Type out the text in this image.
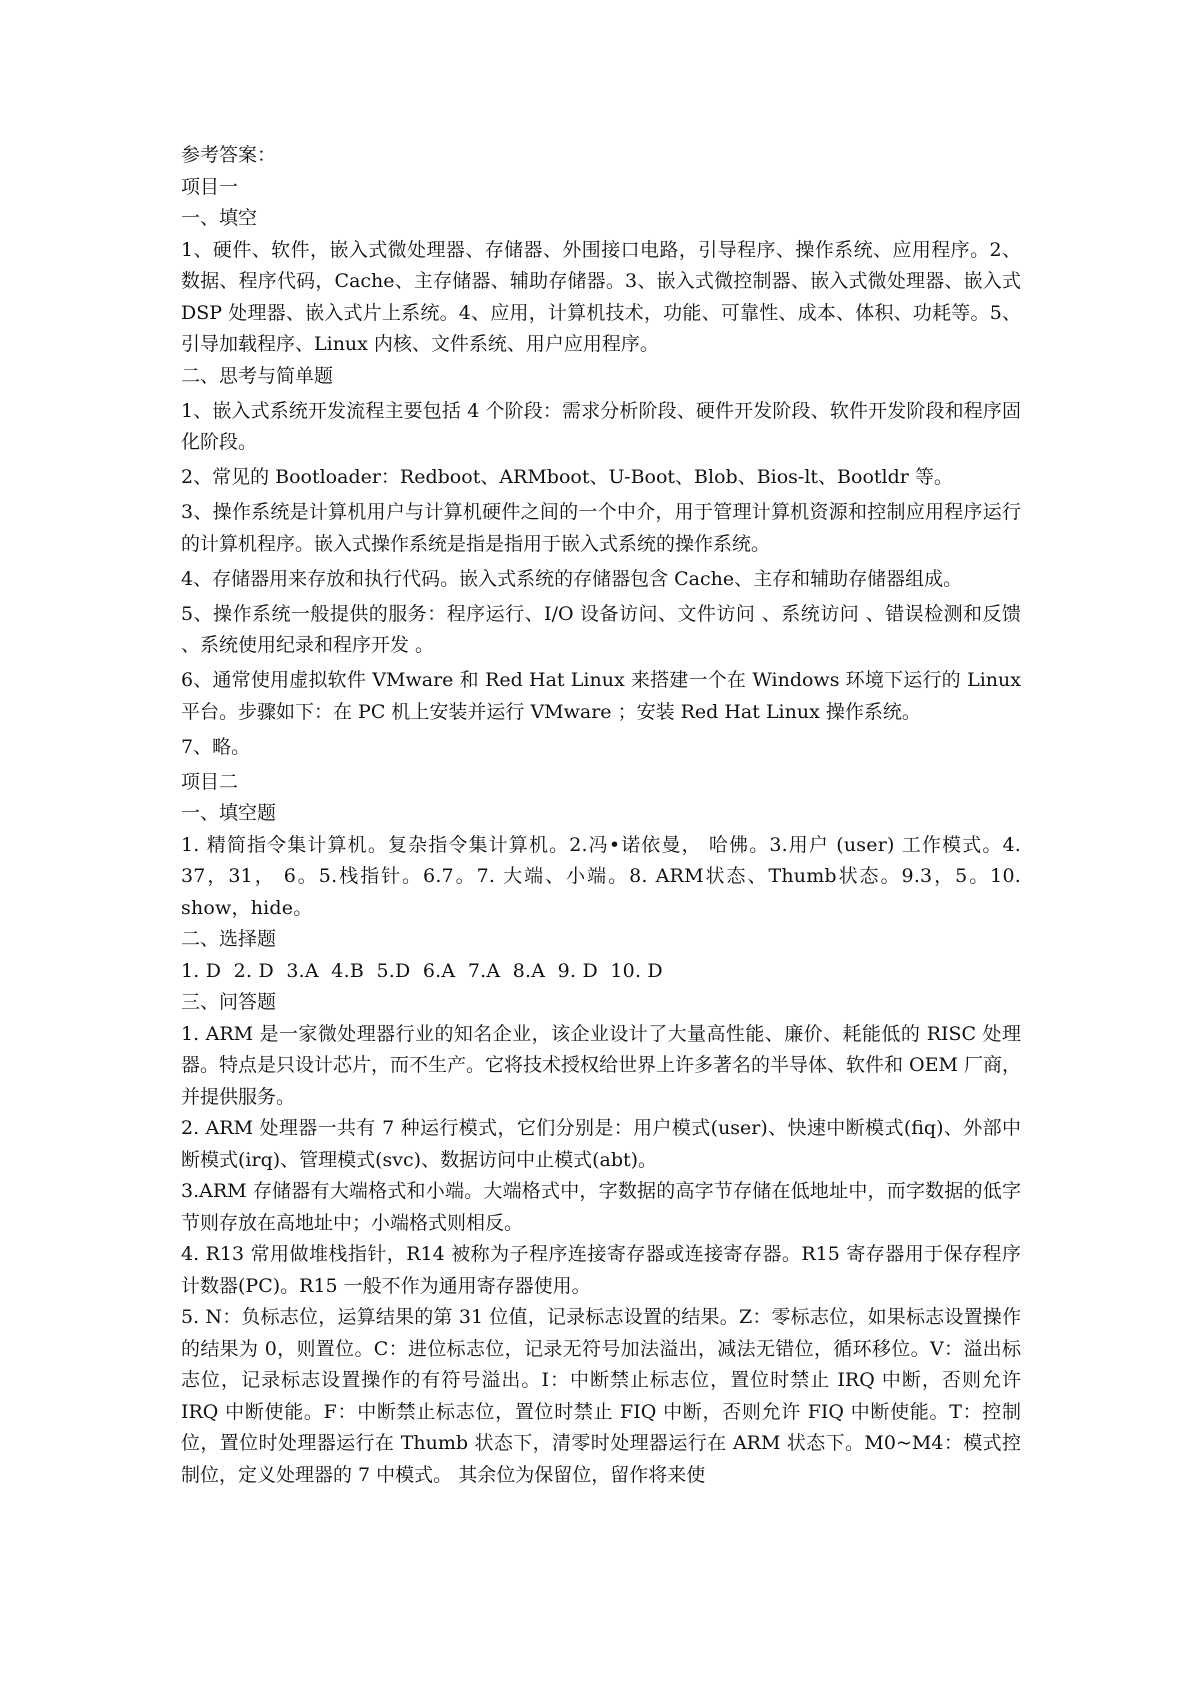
参考答案：

项目一

一、填空

1、硬件、软件，嵌入式微处理器、存储器、外围接口电路，引导程序、操作系统、应用程序。2、数据、程序代码，Cache、主存储器、辅助存储器。3、嵌入式微控制器、嵌入式微处理器、嵌入式 DSP 处理器、嵌入式片上系统。4、应用，计算机技术，功能、可靠性、成本、体积、功耗等。5、引导加载程序、Linux 内核、文件系统、用户应用程序。

二、思考与简单题

1、嵌入式系统开发流程主要包括 4 个阶段：需求分析阶段、硬件开发阶段、软件开发阶段和程序固化阶段。

2、常见的 Bootloader：Redboot、ARMboot、U-Boot、Blob、Bios-lt、Bootldr 等。

3、操作系统是计算机用户与计算机硬件之间的一个中介，用于管理计算机资源和控制应用程序运行的计算机程序。嵌入式操作系统是指是指用于嵌入式系统的操作系统。

4、存储器用来存放和执行代码。嵌入式系统的存储器包含 Cache、主存和辅助存储器组成。

5、操作系统一般提供的服务：程序运行、I/O 设备访问、文件访问 、系统访问 、错误检测和反馈 、系统使用纪录和程序开发 。

6、通常使用虚拟软件 VMware 和 Red Hat Linux 来搭建一个在 Windows 环境下运行的 Linux 平台。步骤如下：在 PC 机上安装并运行 VMware ；安装 Red Hat Linux 操作系统。

7、略。

项目二

一、填空题

1. 精简指令集计算机。复杂指令集计算机。2.冯•诺依曼， 哈佛。3.用户 (user) 工作模式。4. 37，31， 6。5.栈指针。6.7。7. 大端、小端。8. ARM状态、Thumb状态。9.3，5。10. show，hide。

二、选择题

1. D  2. D  3.A  4.B  5.D  6.A  7.A  8.A  9. D  10. D

三、问答题

1. ARM 是一家微处理器行业的知名企业，该企业设计了大量高性能、廉价、耗能低的 RISC 处理器。特点是只设计芯片，而不生产。它将技术授权给世界上许多著名的半导体、软件和 OEM 厂商，并提供服务。

2. ARM 处理器一共有 7 种运行模式，它们分别是：用户模式(user)、快速中断模式(fiq)、外部中断模式(irq)、管理模式(svc)、数据访问中止模式(abt)。

3.ARM 存储器有大端格式和小端。大端格式中，字数据的高字节存储在低地址中，而字数据的低字节则存放在高地址中；小端格式则相反。

4. R13 常用做堆栈指针，R14 被称为子程序连接寄存器或连接寄存器。R15 寄存器用于保存程序计数器(PC)。R15 一般不作为通用寄存器使用。

5. N：负标志位，运算结果的第 31 位值，记录标志设置的结果。Z：零标志位，如果标志设置操作的结果为 0，则置位。C：进位标志位，记录无符号加法溢出，减法无错位，循环移位。V：溢出标志位，记录标志设置操作的有符号溢出。I：中断禁止标志位，置位时禁止 IRQ 中断，否则允许 IRQ 中断使能。F：中断禁止标志位，置位时禁止 FIQ 中断，否则允许 FIQ 中断使能。T：控制位，置位时处理器运行在 Thumb 状态下，清零时处理器运行在 ARM 状态下。M0~M4：模式控制位，定义处理器的 7 中模式。 其余位为保留位，留作将来使
